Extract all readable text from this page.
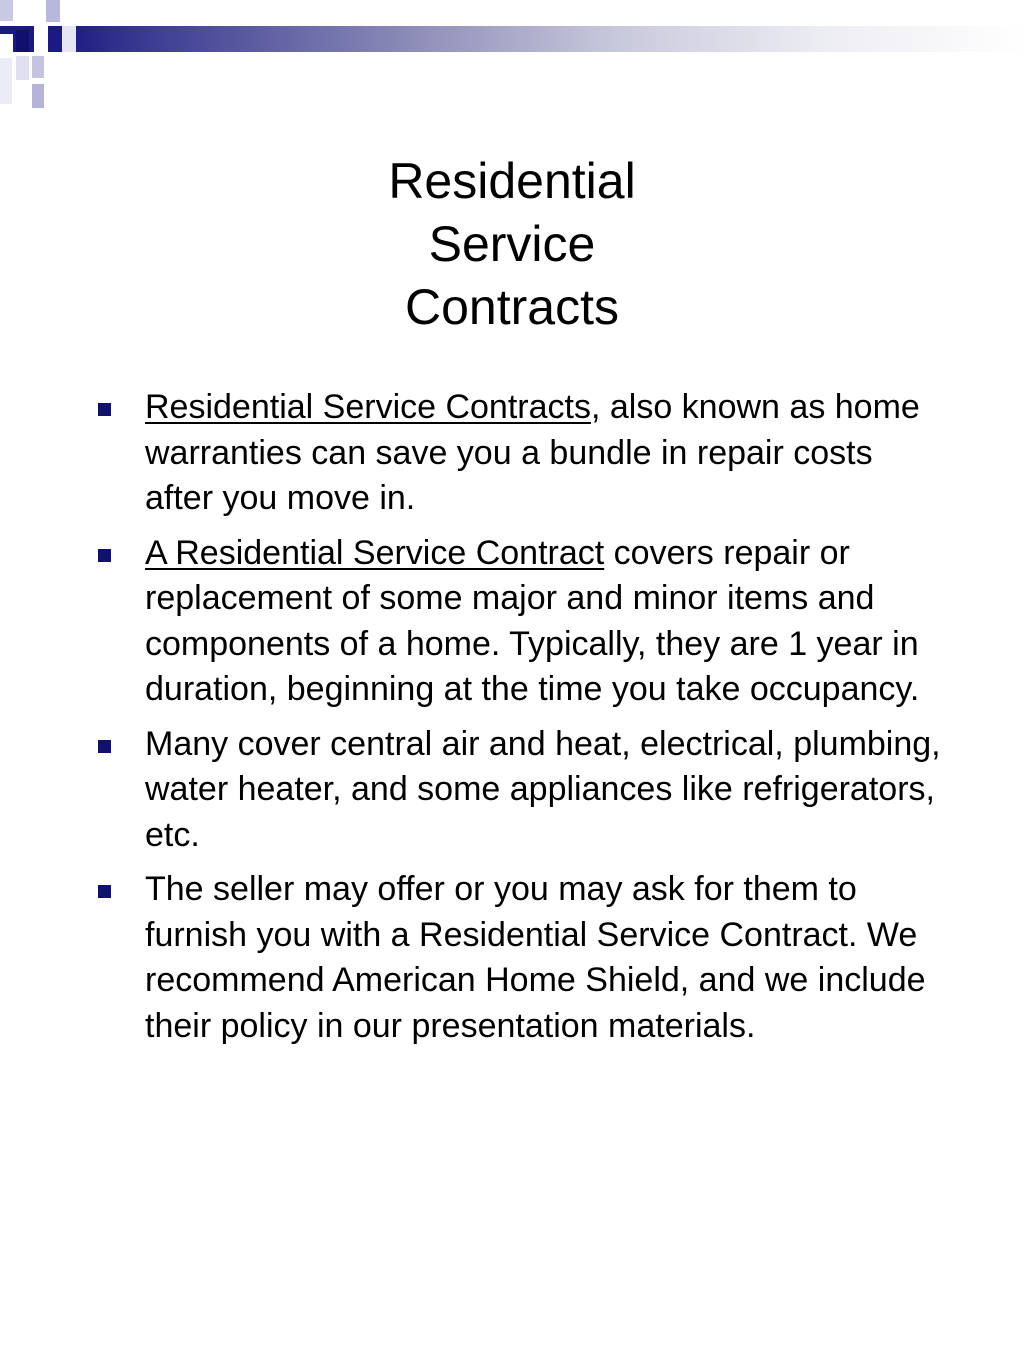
Residential
Service
Contracts
Residential Service Contracts, also known as home warranties can save you a bundle in repair costs after you move in.
A Residential Service Contract covers repair or replacement of some major and minor items and components of a home. Typically, they are 1 year in duration, beginning at the time you take occupancy.
Many cover central air and heat, electrical, plumbing, water heater, and some appliances like refrigerators, etc.
The seller may offer or you may ask for them to furnish you with a Residential Service Contract. We recommend American Home Shield, and we include their policy in our presentation materials.
